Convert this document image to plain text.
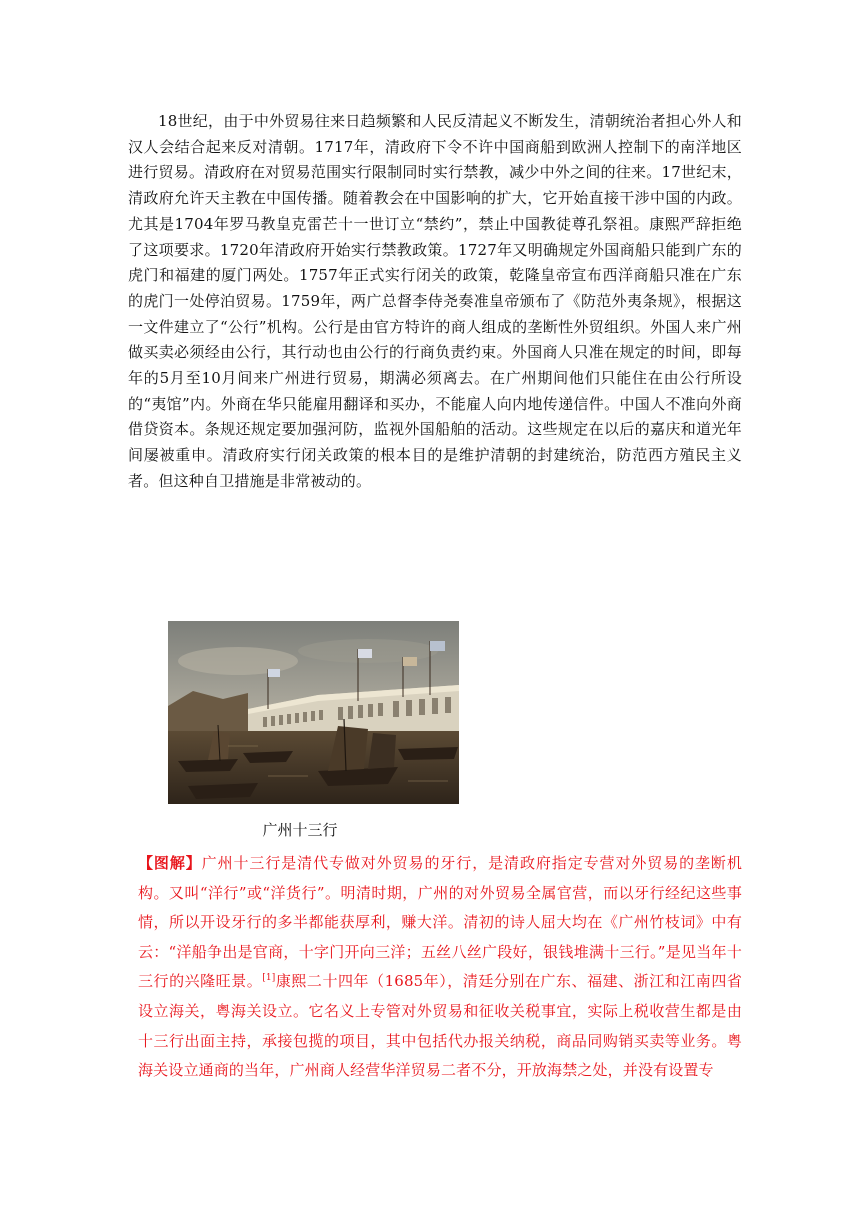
18世纪，由于中外贸易往来日趋频繁和人民反清起义不断发生，清朝统治者担心外人和汉人会结合起来反对清朝。1717年，清政府下令不许中国商船到欧洲人控制下的南洋地区进行贸易。清政府在对贸易范围实行限制同时实行禁教，减少中外之间的往来。17世纪末，清政府允许天主教在中国传播。随着教会在中国影响的扩大，它开始直接干涉中国的内政。尤其是1704年罗马教皇克雷芒十一世订立“禁约”，禁止中国教徒尊孔祭祖。康熙严辞拒绝了这项要求。1720年清政府开始实行禁教政策。1727年又明确规定外国商船只能到广东的虎门和福建的厦门两处。1757年正式实行闭关的政策，乾隆皇帝宣布西洋商船只准在广东的虎门一处停泊贸易。1759年，两广总督李侍尧奏准皇帝颁布了《防范外夷条规》，根据这一文件建立了“公行”机构。公行是由官方特许的商人组成的垄断性外贸组织。外国人来广州做买卖必须经由公行，其行动也由公行的行商负责约束。外国商人只准在规定的时间，即每年的5月至10月间来广州进行贸易，期满必须离去。在广州期间他们只能住在由公行所设的“夷馆”内。外商在华只能雇用翻译和买办，不能雇人向内地传递信件。中国人不准向外商借贷资本。条规还规定要加强河防，监视外国船舶的活动。这些规定在以后的嘉庆和道光年间屡被重申。清政府实行闭关政策的根本目的是维护清朝的封建统治，防范西方殖民主义者。但这种自卫措施是非常被动的。

广州十三行

【图解】广州十三行是清代专做对外贸易的牙行，是清政府指定专营对外贸易的垄断机构。又叫“洋行”或“洋货行”。明清时期，广州的对外贸易全属官营，而以牙行经纪这些事情，所以开设牙行的多半都能获厚利，赚大洋。清初的诗人屈大均在《广州竹枝词》中有云：“洋船争出是官商，十字门开向三洋；五丝八丝广段好，银钱堆满十三行。”是见当年十三行的兴隆旺景。[1]康熙二十四年（1685年），清廷分别在广东、福建、浙江和江南四省设立海关，粤海关设立。它名义上专管对外贸易和征收关税事宜，实际上税收营生都是由十三行出面主持，承接包揽的项目，其中包括代办报关纳税，商品同购销买卖等业务。粤海关设立通商的当年，广州商人经营华洋贸易二者不分，开放海禁之处，并没有设置专
